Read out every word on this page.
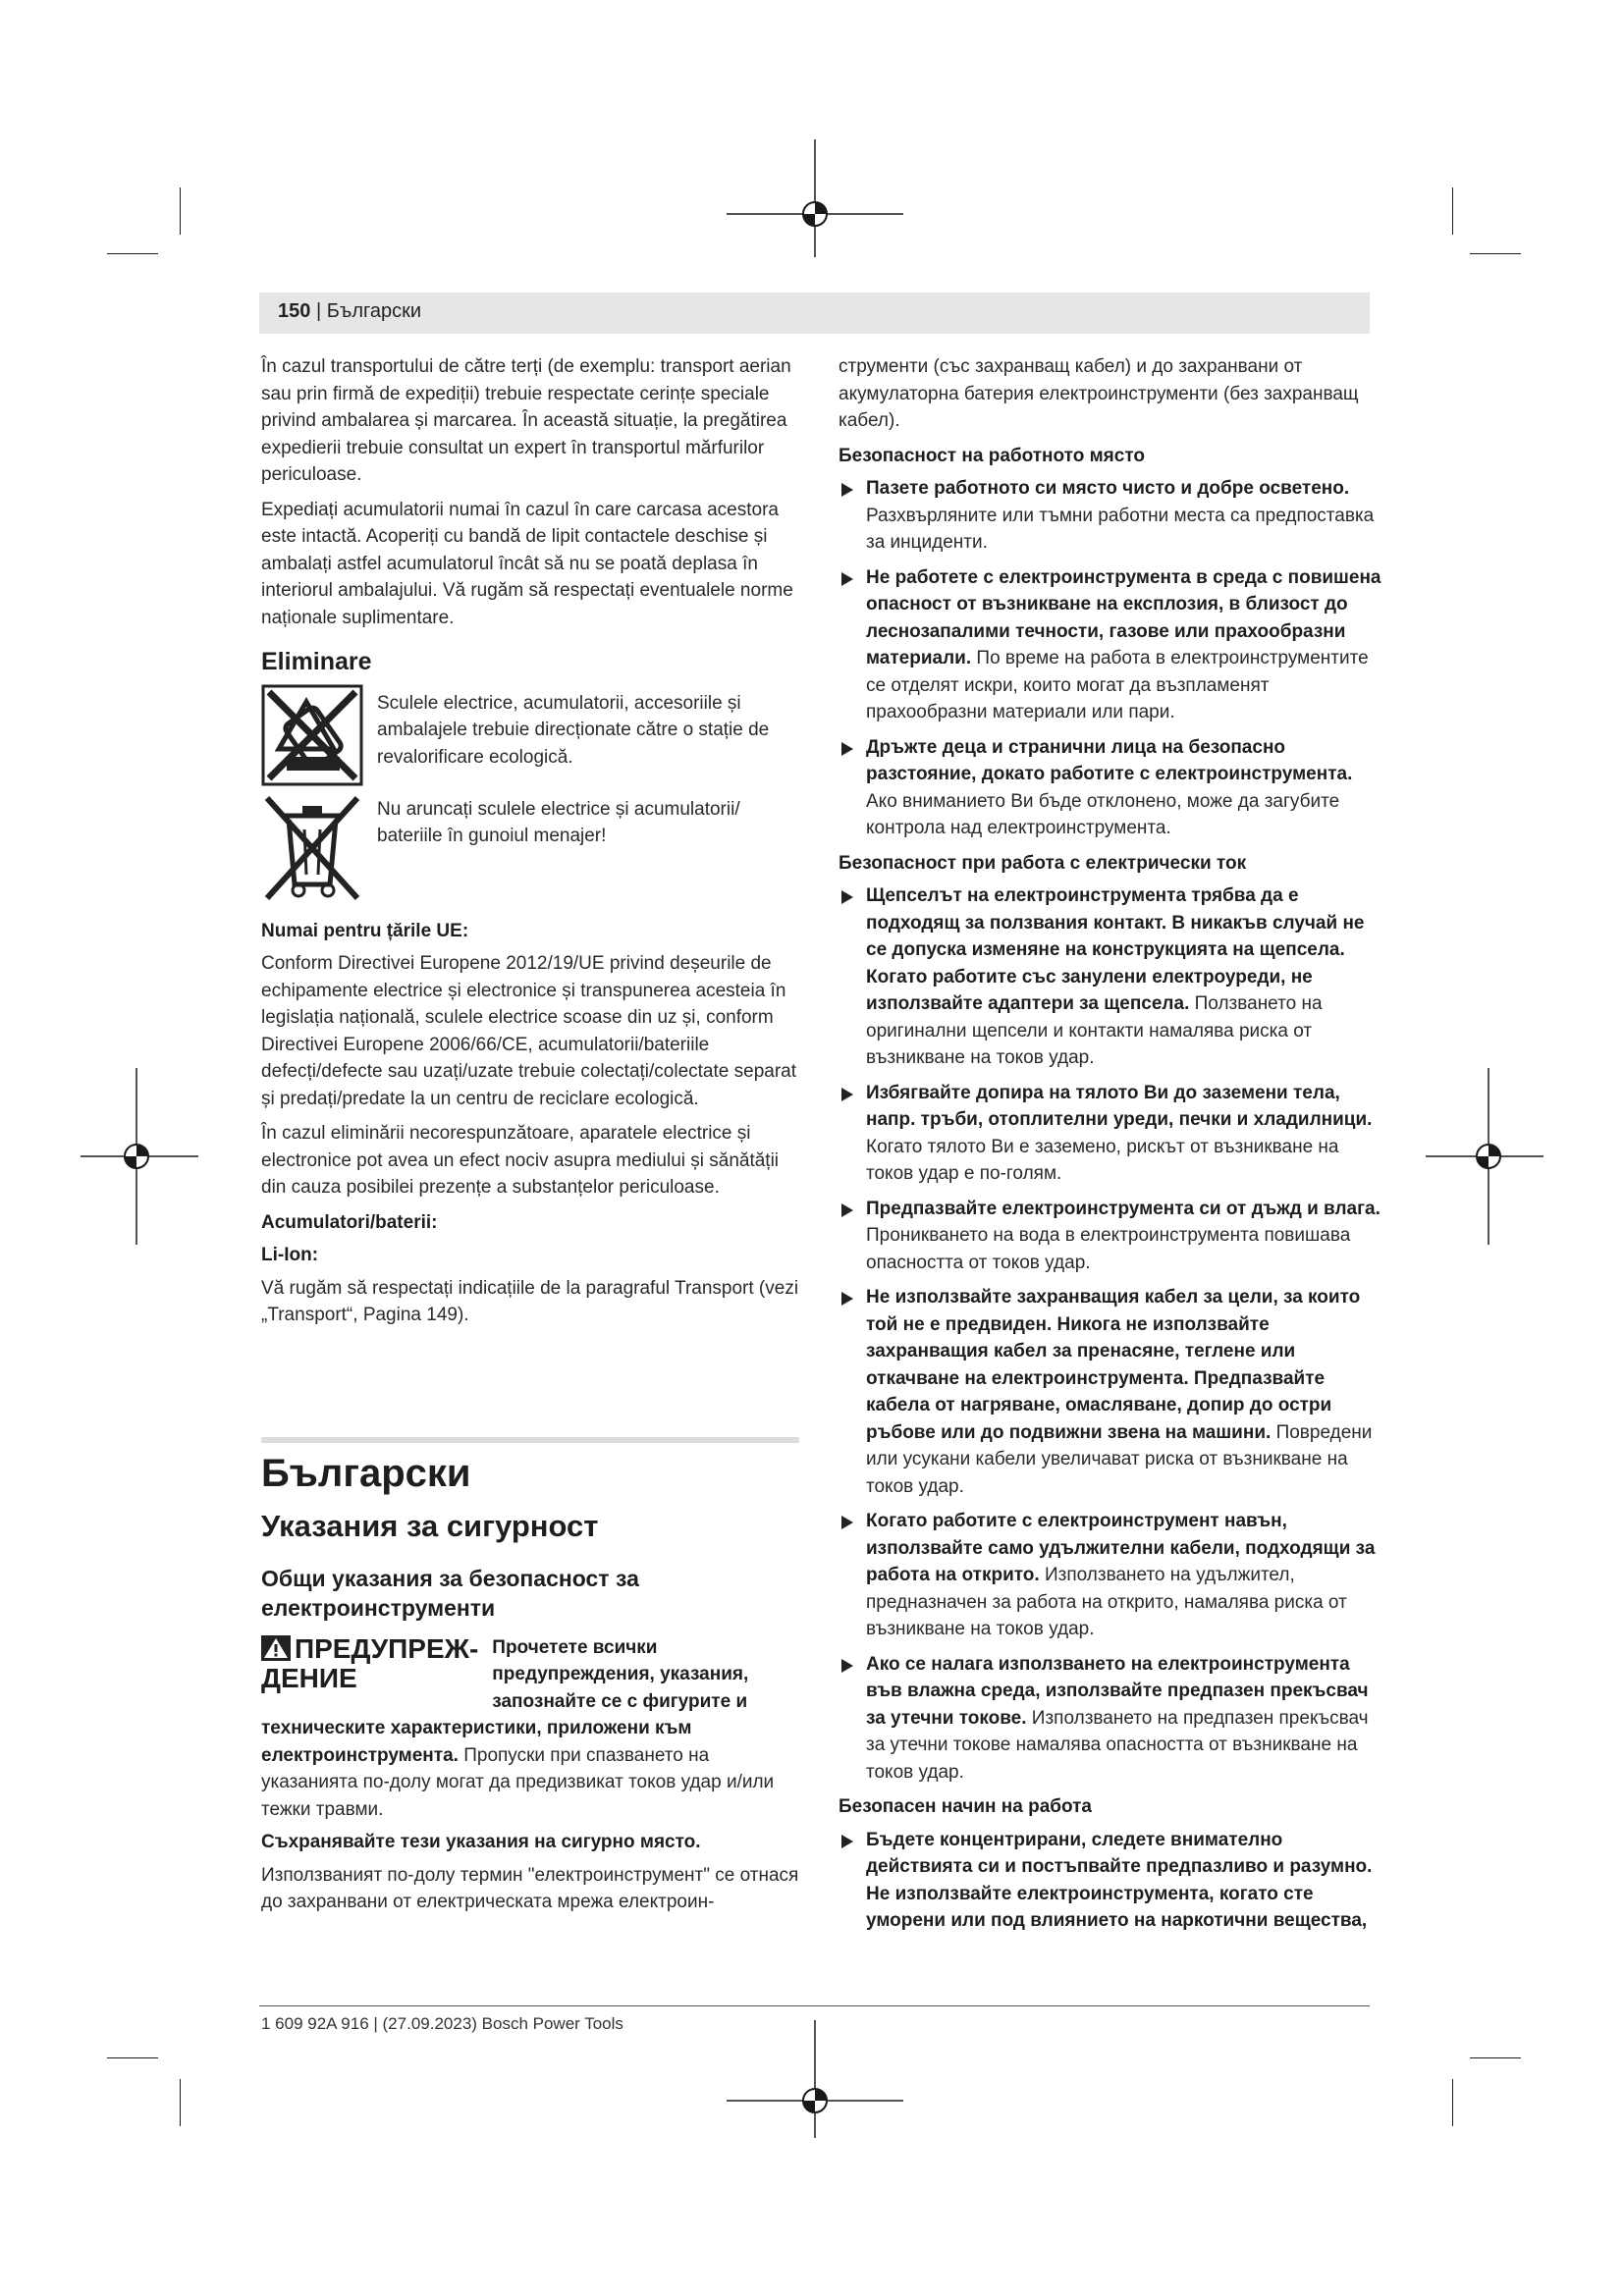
150 | Български

În cazul transportului de către terți (de exemplu: transport aerian sau prin firmă de expediții) trebuie respectate cerințe speciale privind ambalarea și marcarea. În această situație, la pregătirea expedierii trebuie consultat un expert în transportul mărfurilor periculoase.

Expediați acumulatorii numai în cazul în care carcasa acestora este intactă. Acoperiți cu bandă de lipit contactele deschise și ambalați astfel acumulatorul încât să nu se poată deplasa în interiorul ambalajului. Vă rugăm să respectați eventualele norme naționale suplimentare.

Eliminare
Sculele electrice, acumulatorii, accesoriile și ambalajele trebuie direcționate către o stație de revalorificare ecologică.
Nu aruncați sculele electrice și acumulatorii/ bateriile în gunoiul menajer!
Numai pentru țările UE:

Conform Directivei Europene 2012/19/UE privind deșeurile de echipamente electrice și electronice și transpunerea acesteia în legislația națională, sculele electrice scoase din uz și, conform Directivei Europene 2006/66/CE, acumulatorii/bateriile defecți/defecte sau uzați/uzate trebuie colectați/colectate separat și predați/predate la un centru de reciclare ecologică.

În cazul eliminării necorespunzătoare, aparatele electrice și electronice pot avea un efect nociv asupra mediului și sănătății din cauza posibilei prezențe a substanțelor periculoase.

Acumulatori/baterii:
Li-Ion:

Vă rugăm să respectați indicațiile de la paragraful Transport (vezi „Transport“, Pagina 149).

Български
Указания за сигурност
Общи указания за безопасност за електроинструменти
ПРЕДУПРЕЖ-
ДЕНИЕ
Прочетете всички предупреждения, указания, запознайте се с фигурите и техническите характеристики, приложени към електроинструмента. Пропуски при спазването на указанията по-долу могат да предизвикат токов удар и/или тежки травми.
Съхранявайте тези указания на сигурно място.

Използваният по-долу термин "електроинструмент" се отнася до захранвани от електрическата мрежа електроин-

струменти (със захранващ кабел) и до захранвани от акумулаторна батерия електроинструменти (без захранващ кабел).

Безопасност на работното място
Пазете работното си място чисто и добре осветено. Разхвърляните или тъмни работни места са предпоставка за инциденти.
Не работете с електроинструмента в среда с повишена опасност от възникване на експлозия, в близост до леснозапалими течности, газове или прахообразни материали. По време на работа в електроинструментите се отделят искри, които могат да възпламенят прахообразни материали или пари.
Дръжте деца и странични лица на безопасно разстояние, докато работите с електроинструмента. Ако вниманието Ви бъде отклонено, може да загубите контрола над електроинструмента.
Безопасност при работа с електрически ток
Щепселът на електроинструмента трябва да е подходящ за ползвания контакт. В никакъв случай не се допуска изменяне на конструкцията на щепсела. Когато работите със занулени електроуреди, не използвайте адаптери за щепсела. Ползването на оригинални щепсели и контакти намалява риска от възникване на токов удар.
Избягвайте допира на тялото Ви до заземени тела, напр. тръби, отоплителни уреди, печки и хладилници. Когато тялото Ви е заземено, рискът от възникване на токов удар е по-голям.
Предпазвайте електроинструмента си от дъжд и влага. Проникването на вода в електроинструмента повишава опасността от токов удар.
Не използвайте захранващия кабел за цели, за които той не е предвиден. Никога не използвайте захранващия кабел за пренасяне, теглене или откачване на електроинструмента. Предпазвайте кабела от нагряване, омасляване, допир до остри ръбове или до подвижни звена на машини. Повредени или усукани кабели увеличават риска от възникване на токов удар.
Когато работите с електроинструмент навън, използвайте само удължителни кабели, подходящи за работа на открито. Използването на удължител, предназначен за работа на открито, намалява риска от възникване на токов удар.
Ако се налага използването на електроинструмента във влажна среда, използвайте предпазен прекъсвач за утечни токове. Използването на предпазен прекъсвач за утечни токове намалява опасността от възникване на токов удар.
Безопасен начин на работа
Бъдете концентрирани, следете внимателно действията си и постъпвайте предпазливо и разумно. Не използвайте електроинструмента, когато сте уморени или под влиянието на наркотични вещества,
1 609 92A 916 | (27.09.2023) Bosch Power Tools
